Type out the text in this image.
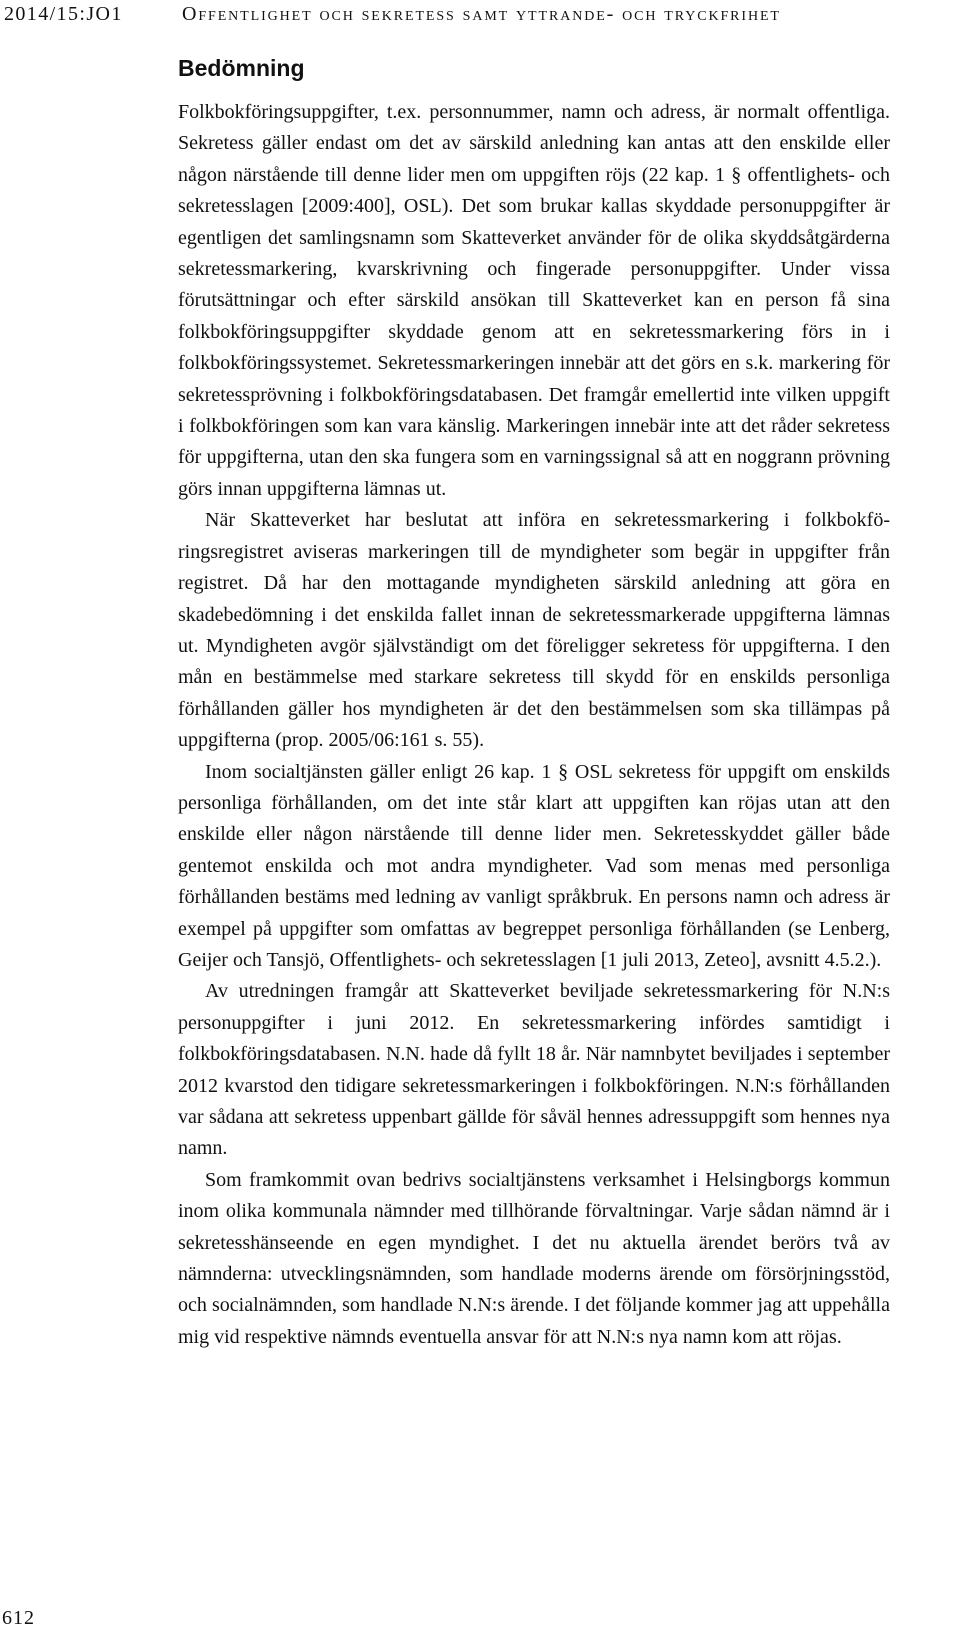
2014/15:JO1	Offentlighet och sekretess samt yttrande- och tryckfrihet
Bedömning

Folkbokföringsuppgifter, t.ex. personnummer, namn och adress, är normalt offentliga. Sekretess gäller endast om det av särskild anledning kan antas att den enskilde eller någon närstående till denne lider men om uppgiften röjs (22 kap. 1 § offentlighets- och sekretesslagen [2009:400], OSL). Det som brukar kallas skyddade personuppgifter är egentligen det samlingsnamn som Skatteverket använder för de olika skyddsåtgärderna sekretessmarkering, kvarskrivning och fingerade personuppgifter. Under vissa förutsättningar och efter särskild ansökan till Skatteverket kan en person få sina folkbokföringsuppgifter skyddade genom att en sekretessmarkering förs in i folkbokföringssystemet. Sekretessmarkeringen innebär att det görs en s.k. markering för sekretessprövning i folkbokföringsdatabasen. Det framgår emellertid inte vilken uppgift i folkbokföringen som kan vara känslig. Markeringen innebär inte att det råder sekretess för uppgifterna, utan den ska fungera som en varningssignal så att en noggrann prövning görs innan uppgifterna lämnas ut.

När Skatteverket har beslutat att införa en sekretessmarkering i folkbokföringsregistret aviseras markeringen till de myndigheter som begär in uppgifter från registret. Då har den mottagande myndigheten särskild anledning att göra en skadebedömning i det enskilda fallet innan de sekretessmarkerade uppgifterna lämnas ut. Myndigheten avgör självständigt om det föreligger sekretess för uppgifterna. I den mån en bestämmelse med starkare sekretess till skydd för en enskilds personliga förhållanden gäller hos myndigheten är det den bestämmelsen som ska tillämpas på uppgifterna (prop. 2005/06:161 s. 55).

Inom socialtjänsten gäller enligt 26 kap. 1 § OSL sekretess för uppgift om enskilds personliga förhållanden, om det inte står klart att uppgiften kan röjas utan att den enskilde eller någon närstående till denne lider men. Sekretesskyddet gäller både gentemot enskilda och mot andra myndigheter. Vad som menas med personliga förhållanden bestäms med ledning av vanligt språkbruk. En persons namn och adress är exempel på uppgifter som omfattas av begreppet personliga förhållanden (se Lenberg, Geijer och Tansjö, Offentlighets- och sekretesslagen [1 juli 2013, Zeteo], avsnitt 4.5.2.).

Av utredningen framgår att Skatteverket beviljade sekretessmarkering för N.N:s personuppgifter i juni 2012. En sekretessmarkering infördes samtidigt i folkbokföringsdatabasen. N.N. hade då fyllt 18 år. När namnbytet beviljades i september 2012 kvarstod den tidigare sekretessmarkeringen i folkbokföringen. N.N:s förhållanden var sådana att sekretess uppenbart gällde för såväl hennes adressuppgift som hennes nya namn.

Som framkommit ovan bedrivs socialtjänstens verksamhet i Helsingborgs kommun inom olika kommunala nämnder med tillhörande förvaltningar. Varje sådan nämnd är i sekretesshänseende en egen myndighet. I det nu aktuella ärendet berörs två av nämnderna: utvecklingsnämnden, som handlade moderns ärende om försörjningsstöd, och socialnämnden, som handlade N.N:s ärende. I det följande kommer jag att uppehålla mig vid respektive nämnds eventuella ansvar för att N.N:s nya namn kom att röjas.

612
